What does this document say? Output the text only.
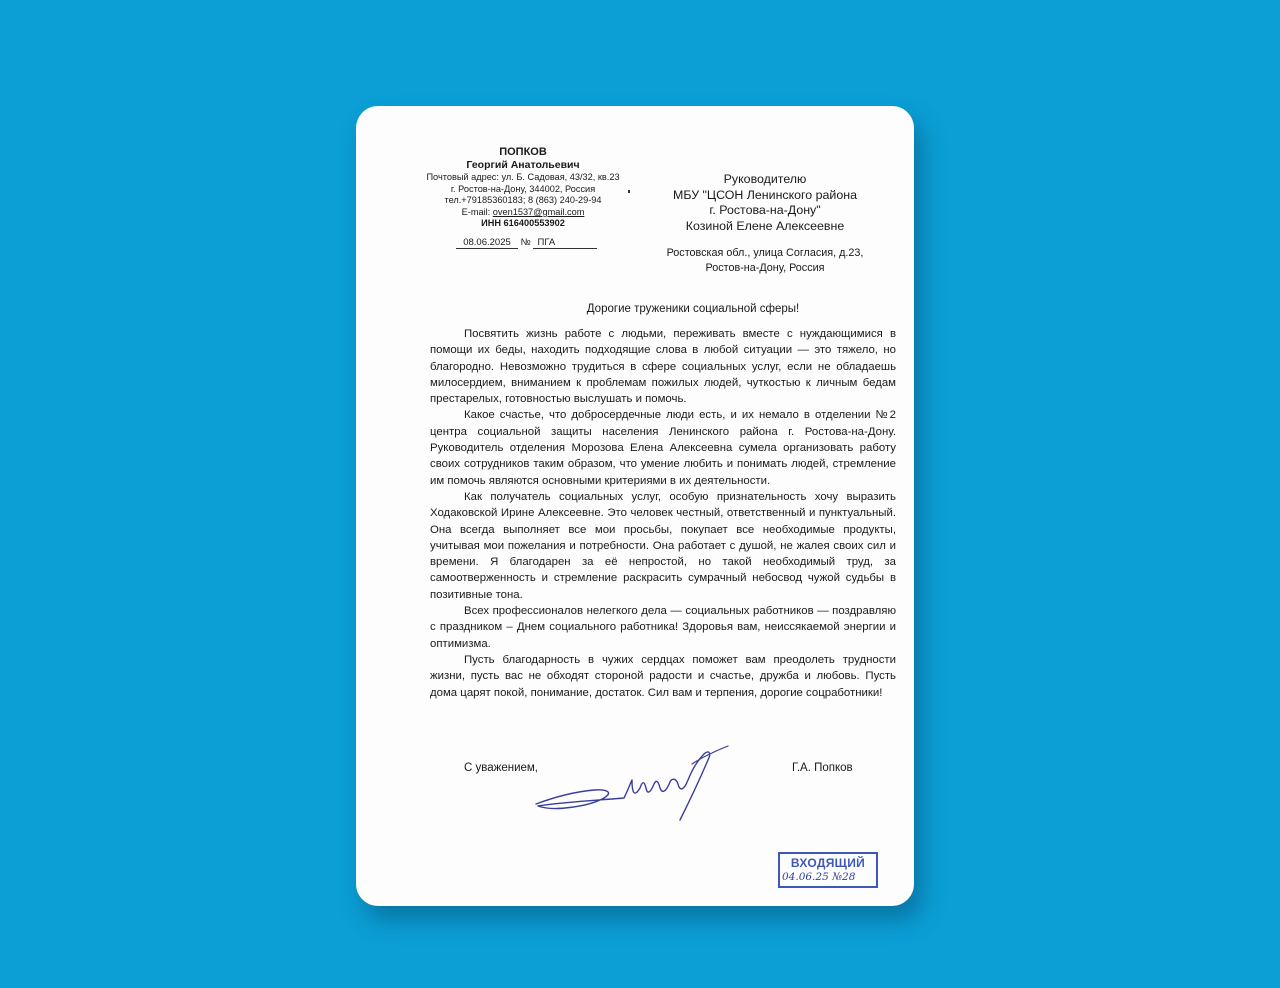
ПОПКОВ
Георгий Анатольевич
Почтовый адрес: ул. Б. Садовая, 43/32, кв.23
г. Ростов-на-Дону, 344002, Россия
тел.+79185360183; 8 (863) 240-29-94
E-mail: oven1537@gmail.com
ИНН 616400553902
08.06.2025 № ПГА
Руководителю
МБУ "ЦСОН Ленинского района
г. Ростова-на-Дону"
Козиной Елене Алексеевне
Ростовская обл., улица Согласия, д.23,
Ростов-на-Дону, Россия
Дорогие труженики социальной сферы!

Посвятить жизнь работе с людьми, переживать вместе с нуждающимися в помощи их беды, находить подходящие слова в любой ситуации — это тяжело, но благородно. Невозможно трудиться в сфере социальных услуг, если не обладаешь милосердием, вниманием к проблемам пожилых людей, чуткостью к личным бедам престарелых, готовностью выслушать и помочь.

Какое счастье, что добросердечные люди есть, и их немало в отделении №2 центра социальной защиты населения Ленинского района г. Ростова-на-Дону. Руководитель отделения Морозова Елена Алексеевна сумела организовать работу своих сотрудников таким образом, что умение любить и понимать людей, стремление им помочь являются основными критериями в их деятельности.

Как получатель социальных услуг, особую признательность хочу выразить Ходаковской Ирине Алексеевне. Это человек честный, ответственный и пунктуальный. Она всегда выполняет все мои просьбы, покупает все необходимые продукты, учитывая мои пожелания и потребности. Она работает с душой, не жалея своих сил и времени. Я благодарен за её непростой, но такой необходимый труд, за самоотверженность и стремление раскрасить сумрачный небосвод чужой судьбы в позитивные тона.

Всех профессионалов нелегкого дела — социальных работников — поздравляю с праздником – Днем социального работника! Здоровья вам, неиссякаемой энергии и оптимизма.

Пусть благодарность в чужих сердцах поможет вам преодолеть трудности жизни, пусть вас не обходят стороной радости и счастье, дружба и любовь. Пусть дома царят покой, понимание, достаток. Сил вам и терпения, дорогие соцработники!

С уважением,	Г.А. Попков
ВХОДЯЩИЙ
04.06.25 №28
